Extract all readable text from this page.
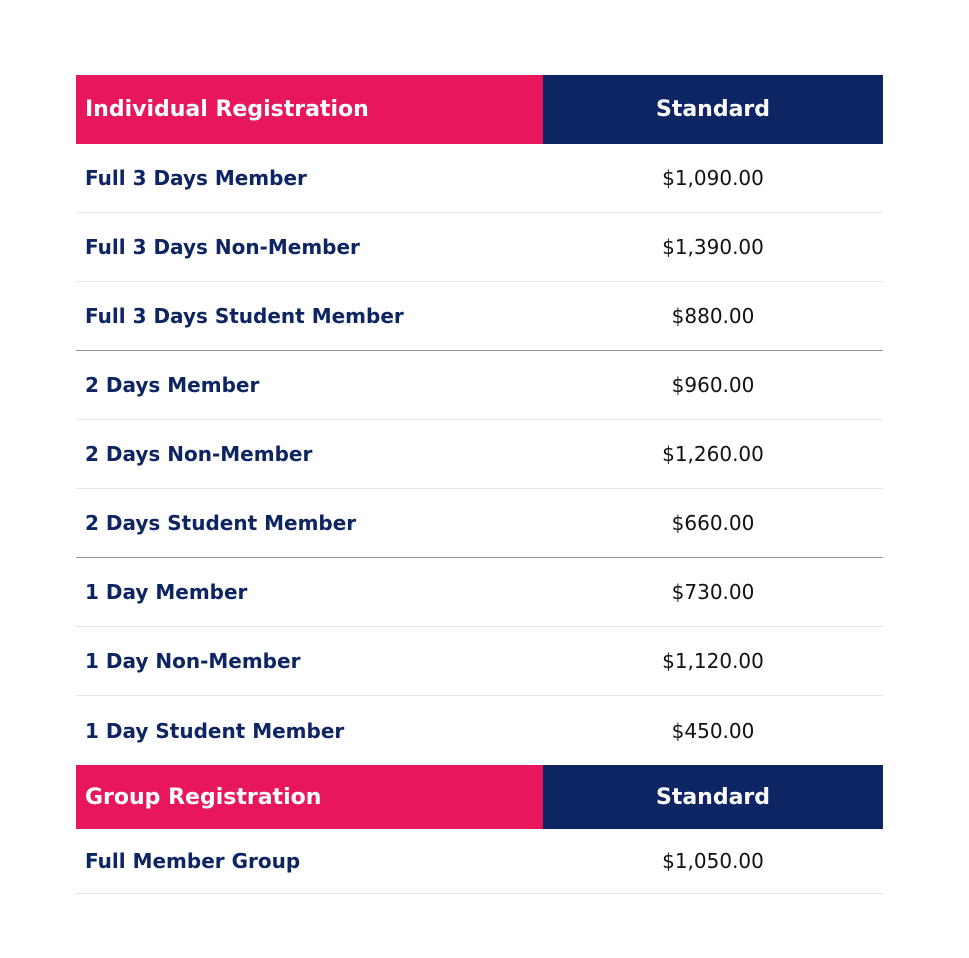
Individual Registration	Standard
Full 3 Days Member	$1,090.00
Full 3 Days Non-Member	$1,390.00
Full 3 Days Student Member	$880.00
2 Days Member	$960.00
2 Days Non-Member	$1,260.00
2 Days Student Member	$660.00
1 Day Member	$730.00
1 Day Non-Member	$1,120.00
1 Day Student Member	$450.00
Group Registration	Standard
Full Member Group	$1,050.00
